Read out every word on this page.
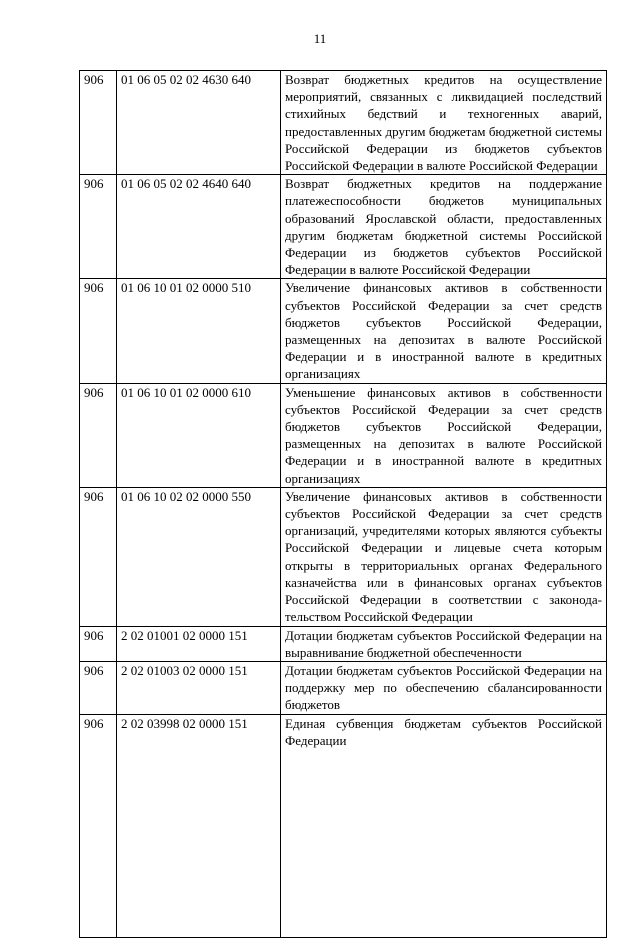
11
906	01 06 05 02 02 4630 640	Возврат бюджетных кредитов на осуществление мероприятий, связанных с ликвидацией последствий стихийных бедствий и техногенных аварий, предоставленных другим бюджетам бюджетной системы Российской Федерации из бюджетов субъектов Российской Федерации в валюте Российской Федерации
906	01 06 05 02 02 4640 640	Возврат бюджетных кредитов на поддержание платежеспособности бюджетов муниципальных образований Ярославской области, предоставленных другим бюджетам бюджетной системы Российской Федерации из бюджетов субъектов Российской Федерации в валюте Российской Федерации
906	01 06 10 01 02 0000 510	Увеличение финансовых активов в собственности субъектов Российской Федерации за счет средств бюджетов субъектов Российской Федерации, размещенных на депозитах в валюте Российской Федерации и в иностранной валюте в кредитных организациях
906	01 06 10 01 02 0000 610	Уменьшение финансовых активов в собственности субъектов Российской Федерации за счет средств бюджетов субъектов Российской Федерации, размещенных на депозитах в валюте Российской Федерации и в иностранной валюте в кредитных организациях
906	01 06 10 02 02 0000 550	Увеличение финансовых активов в собственности субъектов Российской Федерации за счет средств организаций, учредителями которых являются субъекты Российской Федерации и лицевые счета которым открыты в территориальных органах Федерального казначейства или в финансовых органах субъектов Российской Федерации в соответствии с законодательством Российской Федерации
906	2 02 01001 02 0000 151	Дотации бюджетам субъектов Российской Федерации на выравнивание бюджетной обеспеченности
906	2 02 01003 02 0000 151	Дотации бюджетам субъектов Российской Федерации на поддержку мер по обеспечению сбалансированности бюджетов
906	2 02 03998 02 0000 151	Единая субвенция бюджетам субъектов Российской Федерации
